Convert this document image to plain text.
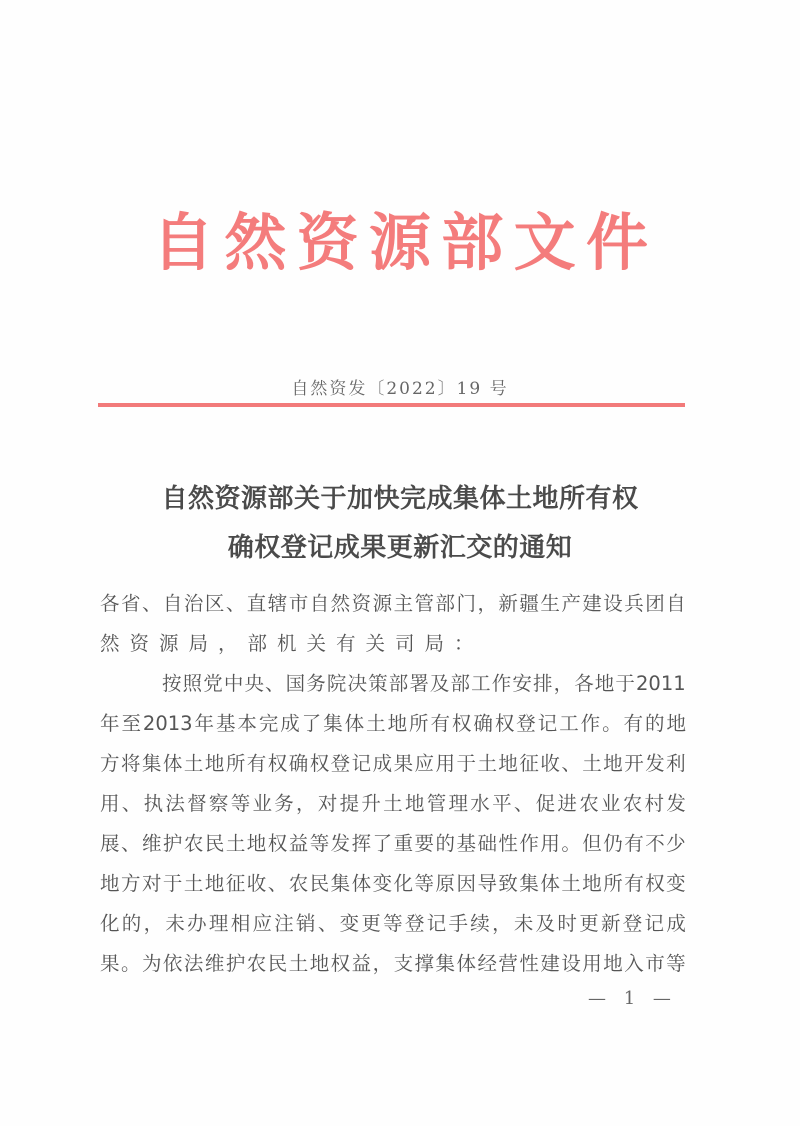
自 然 资 源 部 文 件
自然资发〔2022〕19 号
自然资源部关于加快完成集体土地所有权
确权登记成果更新汇交的通知
各 省 、 自 治 区 、 直 辖 市 自 然 资 源 主 管 部 门 ， 新 疆 生 产 建 设 兵 团 自
然资源局，部机关有关司局：
按 照 党 中 央 、 国 务 院 决 策 部 署 及 部 工 作 安 排 ， 各 地 于 2011
年 至 2013 年 基 本 完 成 了 集 体 土 地 所 有 权 确 权 登 记 工 作 。 有 的 地
方 将 集 体 土 地 所 有 权 确 权 登 记 成 果 应 用 于 土 地 征 收 、 土 地 开 发 利
用 、 执 法 督 察 等 业 务 ， 对 提 升 土 地 管 理 水 平 、 促 进 农 业 农 村 发
展 、 维 护 农 民 土 地 权 益 等 发 挥 了 重 要 的 基 础 性 作 用 。 但 仍 有 不 少
地 方 对 于 土 地 征 收 、 农 民 集 体 变 化 等 原 因 导 致 集 体 土 地 所 有 权 变
化 的 ， 未 办 理 相 应 注 销 、 变 更 等 登 记 手 续 ， 未 及 时 更 新 登 记 成
果 。 为 依 法 维 护 农 民 土 地 权 益 ， 支 撑 集 体 经 营 性 建 设 用 地 入 市 等
— 1 —
